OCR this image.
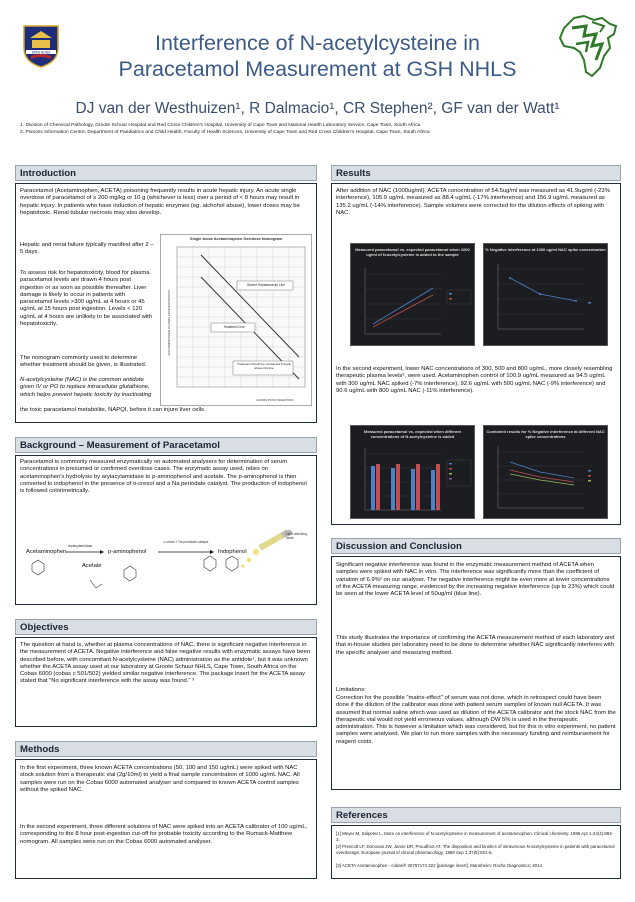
SPES BONA	Interference of N-acetylcysteine in
Paracetamol Measurement at GSH NHLS
DJ van der Westhuizen¹, R Dalmacio¹, CR Stephen², GF van der Watt¹
1. Division of Chemical Pathology, Groote Schuur Hospital and Red Cross Children's Hospital, University of Cape Town and National Health Laboratory Service, Cape Town, South Africa
2. Poisons Information Centre, Department of Paediatrics and Child Health, Faculty of Health Sciences, University of Cape Town and Red Cross Children's Hospital, Cape Town, South Africa
Introduction
Paracetamol (Acetaminophen, ACETA) poisoning frequently results in acute hepatic injury. An acute single overdose of paracetamol of ≥ 200 mg/kg or 10 g (whichever is less) over a period of < 8 hours may result in hepatic injury. In patients who have induction of hepatic enzymes (eg. alchohol abuse), lower doses may be hepatotoxic. Renal tubular necrosis may also develop.
Hepatic and renal failure typically manifest after 2 – 5 days.
To assess risk for hepatotoxicity, blood for plasma paracetamol levels are drawn 4 hours post ingestion or as soon as possible thereafter. Liver damage is likely to occur in patients with paracetamol levels >300 ug/mL at 4 hours or 45 ug/mL at 15 hours post ingestion. Levels < 120 ug/mL at 4 hours are unlikely to be associated with hepatotoxicity.
The nomogram commonly used to determine whether treatment should be given, is illustrated.
N-acetylcysteine (NAC) is the common antidote given IV or PO to replace intracellular glutathione, which helps prevent hepatic toxicity by inactivating
the toxic paracetamol metabolite, NAPQI, before it can injure liver cells.
Single Acute Acetaminophen Overdose Nomogram
Severe Hepatotoxicity Line
Treatment Line
Treatment should be considered if levels above this line
HOURS POST INGESTION
ACETAMINOPHEN PLASMA CONCENTRATION
Background – Measurement of Paracetamol
Paracetamol is commonly measured enzymatically on automated analysers for determination of serum concentrations in presumed or confirmed overdose cases. The enzymatic assay used, relies on acetaminophen's hydrolysis by arylacylamidase to p-aminophenol and acetate. The p-aminophenol is then converted to indophenol in the presence of o-cresol and a Na periodate catalyst. The production of indophenol is followed colorimetrically.
Acetaminophen
arylacylamidase
p-aminophenol
Acetate
o-cresol + Na periodate catalyst
Indophenol
Light detecting diode
Objectives
The question at hand is, whether at plasma concentrations of NAC, there is significant negative interference in the measurement of ACETA. Negative interference and false negative results with enzymatic assays have been described before, with concomitant N-acetylcysteine (NAC) administration as the antidote¹, but it was unknown whether the ACETA assay used at our laboratory at Groote Schuur NHLS, Cape Town, South Africa on the Cobas 6000 (cobas c 501/502) yielded similar negative interference. The package insert for the ACETA assay stated that "No significant interference with the assay was found." ³
Methods
In the first experiment, three known ACETA concentrations (50, 100 and 150 ug/mL) were spiked with NAC stock solution from a therapeutic vial (2g/10ml) to yield a final sample concentration of 1000 ug/mL NAC. All samples were run on the Cobas 6000 automated analyser and compared to known ACETA control samples without the spiked NAC.
In the second experiment, three different solutions of NAC were spiked into an ACETA calibrator of 100 ug/mL, corresponding to the 8 hour post-ingestion cut-off for probable toxicity according to the Rumack-Matthew nomogram. All samples were run on the Cobas 6000 automated analyser.
Results
After addition of NAC (1000ug/ml), ACETA concentration of 54.5ug/ml was measured as 41.9ug/ml (-23% interference), 105.9 ug/mL measured as 88.4 ug/mL (-17% interference) and 156.9 ug/mL measured as 135.2 ug/mL (-14% interference). Sample volumes were corrected for the dilution effects of spiking with NAC.
Measured paracetamol vs. expected paracetamol when 1000 ug/ml of N-acetylcysteine is added to the sample
% Negative interference at 1000 ug/ml NAC spike concentration
In the second experiment, lower NAC concentrations of 300, 500 and 800 ug/mL, more closely resembling therapeutic plasma levels², were used. Acetaminophen control of 100.9 ug/mL measured as 94.5 ug/mL with 300 ug/mL NAC spiked (-7% interference), 92.6 ug/mL with 500 ug/mL NAC (-9% interference) and 90.6 ug/mL with 800 ug/mL NAC (-11% interference).
Measured paracetamol vs. expected when different concentrations of N-acetylcysteine is added
Combined results for % Negative interference at different NAC spike concentrations
Discussion and Conclusion
Significant negative interference was found in the enzymatic measurement method of ACETA when samples were spiked with NAC in vitro. The interference was significantly more than the coefficient of variation of 6.9%² on our analyser. The negative interference might be even more at lower concentrations of the ACETA measuring range, evidenced by the increasing negative interference (up to 23%) which could be seen at the lower ACETA level of 50ug/ml (blue line).
This study illustrates the importance of confirming the ACETA measurement method of each laboratory and that in-house studies per laboratory need to be done to determine whether NAC significantly interferes with the specific analyser and measuring method.
Limitations:
Correction for the possible "matrix-effect" of serum was not done, which in retrospect could have been done if the dilution of the calibrator was done with patient serum samples of known null ACETA. It was assumed that normal saline which was used as dilution of the ACETA calibrator and the stock NAC from the therapeutic vial would not yield erroneous values, although DW 5% is used in the therapeutic administration. This is however a limitation which was considered, but for this in vitro experiment, no patient samples were analysed. We plan to run more samples with the necessary funding and reimbursement for reagent costs.
References
[1] Meyer M, Salpeter L. More on interference of N-acetylcysteine in measurement of acetaminophen. Clinical chemistry. 1998 Apr 1;44(4):892-3.
[2] Prescott LF, Donovan JW, Jarvie DR, Proudfoot AT. The disposition and kinetics of intravenous N-acetylcysteine in patients with paracetamol overdosage. European journal of clinical pharmacology. 1989 Sep 1;37(5):501-6.
[3] ACETA Acetaminophen - cobas® 20767174 322 [package insert]. Mannheim: Roche Diagnostics; 2014.
